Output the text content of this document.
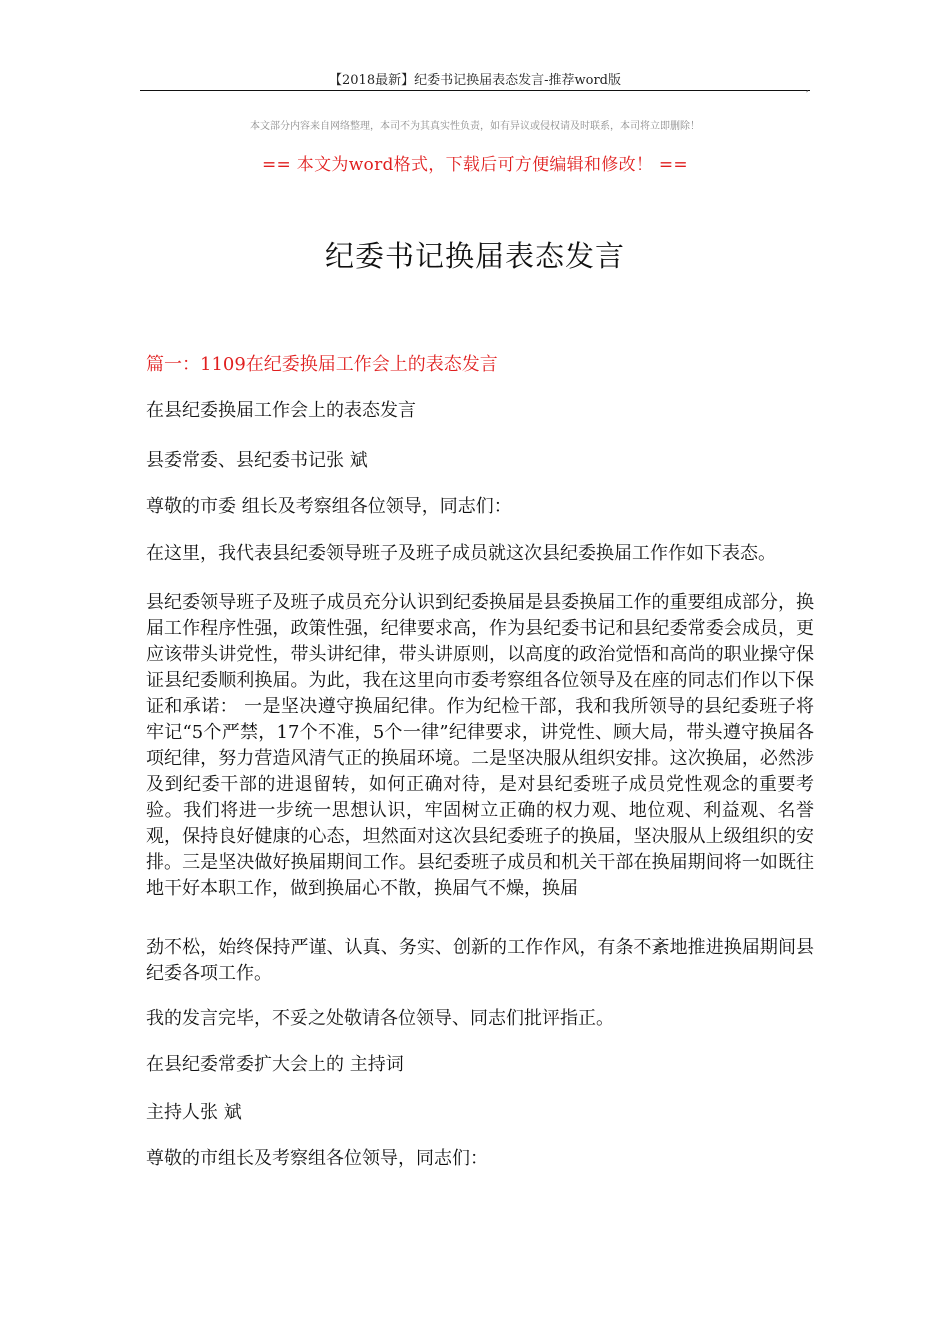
【2018最新】纪委书记换届表态发言-推荐word版
,
本文部分内容来自网络整理，本司不为其真实性负责，如有异议或侵权请及时联系，本司将立即删除！
== 本文为word格式，下载后可方便编辑和修改！ ==
纪委书记换届表态发言
篇一：1109在纪委换届工作会上的表态发言

在县纪委换届工作会上的表态发言

县委常委、县纪委书记张 斌

尊敬的市委 组长及考察组各位领导，同志们：

在这里，我代表县纪委领导班子及班子成员就这次县纪委换届工作作如下表态。

县纪委领导班子及班子成员充分认识到纪委换届是县委换届工作的重要组成部分，换届工作程序性强，政策性强，纪律要求高，作为县纪委书记和县纪委常委会成员，更应该带头讲党性，带头讲纪律，带头讲原则，以高度的政治觉悟和高尚的职业操守保证县纪委顺利换届。为此，我在这里向市委考察组各位领导及在座的同志们作以下保证和承诺： 一是坚决遵守换届纪律。作为纪检干部，我和我所领导的县纪委班子将牢记“5个严禁，17个不准，5个一律”纪律要求，讲党性、顾大局，带头遵守换届各项纪律，努力营造风清气正的换届环境。二是坚决服从组织安排。这次换届，必然涉及到纪委干部的进退留转，如何正确对待，是对县纪委班子成员党性观念的重要考验。我们将进一步统一思想认识，牢固树立正确的权力观、地位观、利益观、名誉观，保持良好健康的心态，坦然面对这次县纪委班子的换届，坚决服从上级组织的安排。三是坚决做好换届期间工作。县纪委班子成员和机关干部在换届期间将一如既往地干好本职工作，做到换届心不散，换届气不燥，换届

劲不松，始终保持严谨、认真、务实、创新的工作作风，有条不紊地推进换届期间县纪委各项工作。

我的发言完毕，不妥之处敬请各位领导、同志们批评指正。

在县纪委常委扩大会上的 主持词

主持人张 斌

尊敬的市组长及考察组各位领导，同志们：
